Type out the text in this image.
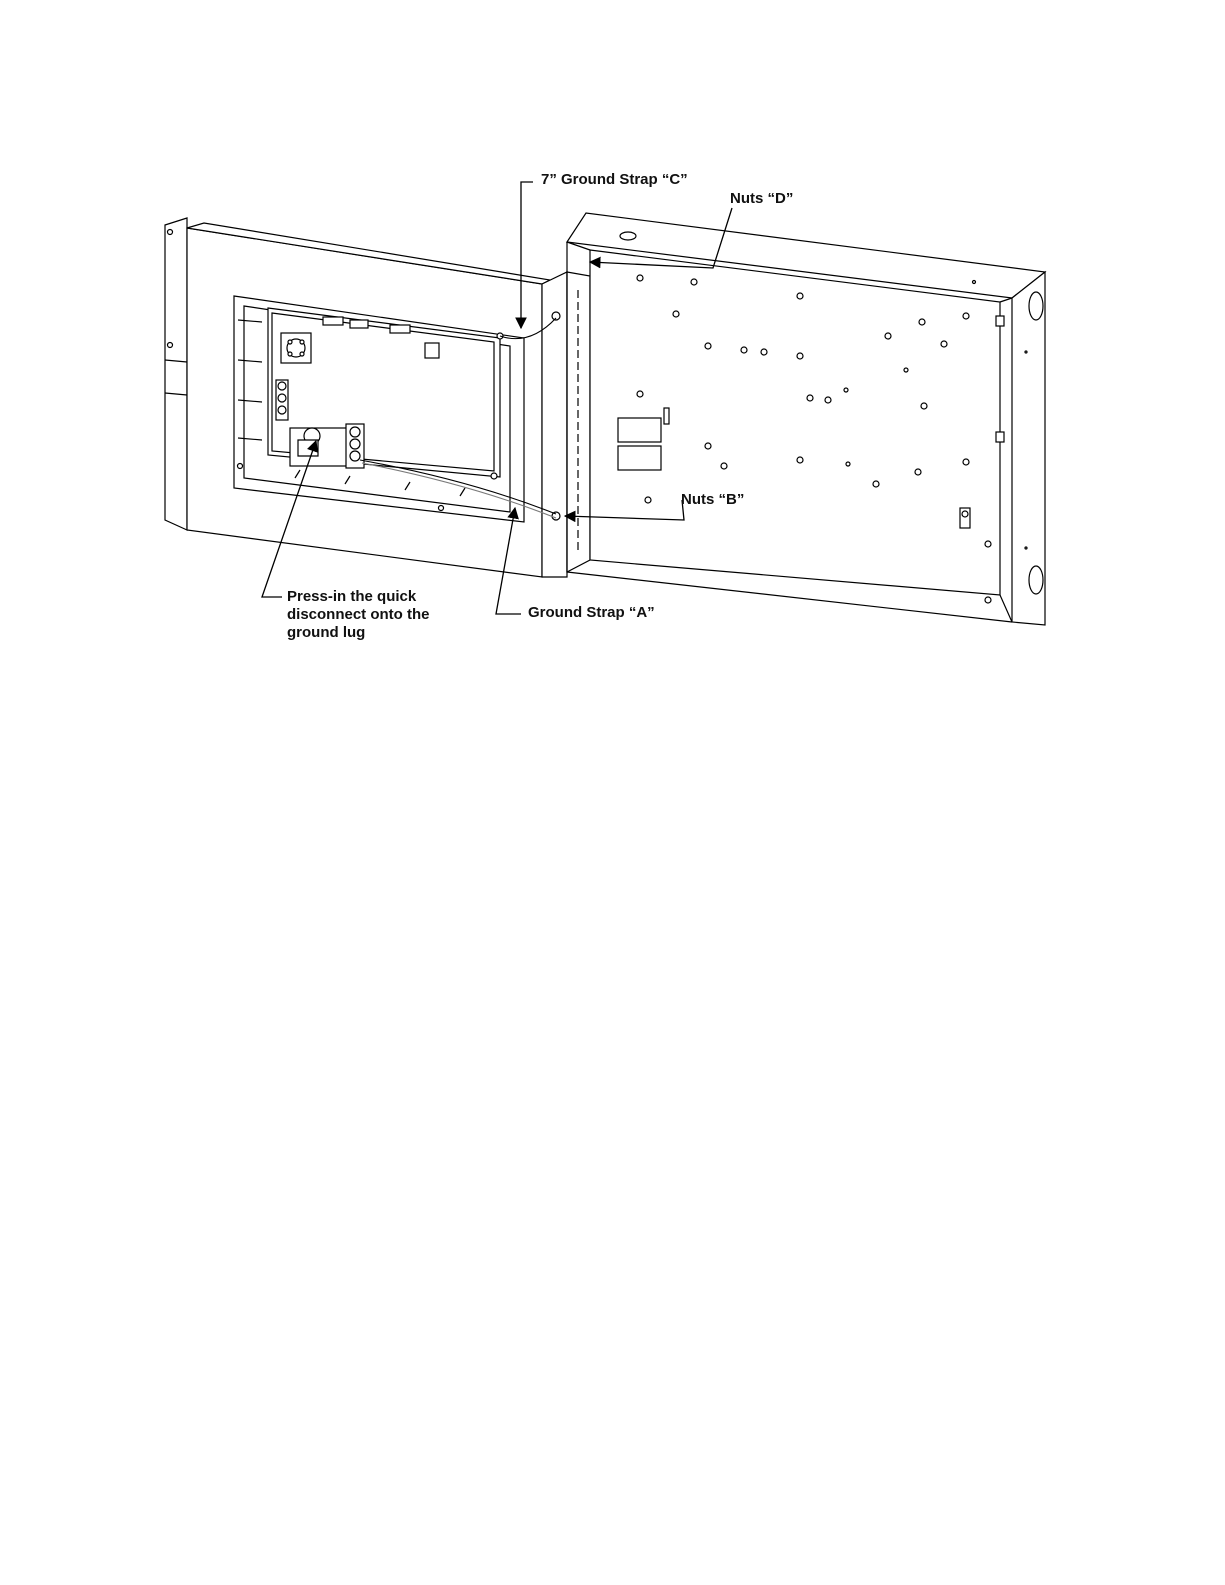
7” Ground Strap “C”
Nuts “D”
Nuts “B”
Press-in the quick
disconnect onto the
ground lug
Ground Strap “A”
